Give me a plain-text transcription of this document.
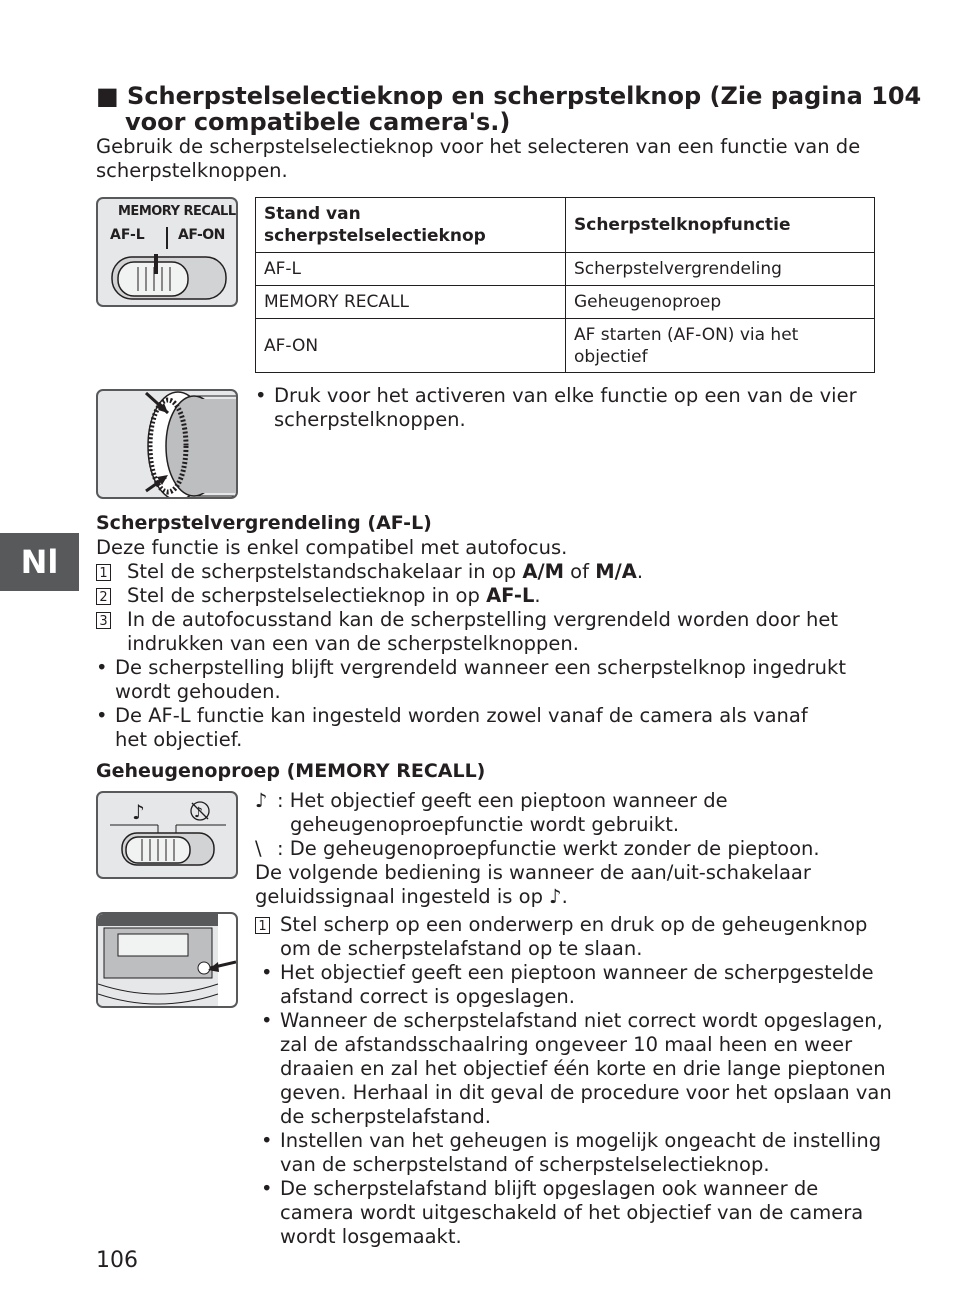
■ Scherpstelselectieknop en scherpstelknop (Zie pagina 104
voor compatibele camera's.)
Gebruik de scherpstelselectieknop voor het selecteren van een functie van de
scherpstelknoppen.
MEMORY RECALL
AF-L AF-ON
Stand van
scherpstelselectieknop	Scherpstelknopfunctie
AF-L	Scherpstelvergrendeling
MEMORY RECALL	Geheugenoproep
AF-ON	AF starten (AF-ON) via het
objectief
• Druk voor het activeren van elke functie op een van de vier
scherpstelknoppen.
Nl
Scherpstelvergrendeling (AF-L)
Deze functie is enkel compatibel met autofocus.
1 Stel de scherpstelstandschakelaar in op A/M of M/A.
2 Stel de scherpstelselectieknop in op AF-L.
3 In de autofocusstand kan de scherpstelling vergrendeld worden door het
indrukken van een van de scherpstelknoppen.
• De scherpstelling blijft vergrendeld wanneer een scherpstelknop ingedrukt
wordt gehouden.
• De AF-L functie kan ingesteld worden zowel vanaf de camera als vanaf
het objectief.
Geheugenoproep (MEMORY RECALL)
♪	♪
♪ : Het objectief geeft een pieptoon wanneer de
geheugenoproepfunctie wordt gebruikt.
\ : De geheugenoproepfunctie werkt zonder de pieptoon.
De volgende bediening is wanneer de aan/uit-schakelaar
geluidssignaal ingesteld is op ♪.
1 Stel scherp op een onderwerp en druk op de geheugenknop
om de scherpstelafstand op te slaan.
• Het objectief geeft een pieptoon wanneer de scherpgestelde
afstand correct is opgeslagen.
• Wanneer de scherpstelafstand niet correct wordt opgeslagen,
zal de afstandsschaalring ongeveer 10 maal heen en weer
draaien en zal het objectief één korte en drie lange pieptonen
geven. Herhaal in dit geval de procedure voor het opslaan van
de scherpstelafstand.
• Instellen van het geheugen is mogelijk ongeacht de instelling
van de scherpstelstand of scherpstelselectieknop.
• De scherpstelafstand blijft opgeslagen ook wanneer de
camera wordt uitgeschakeld of het objectief van de camera
wordt losgemaakt.
106
